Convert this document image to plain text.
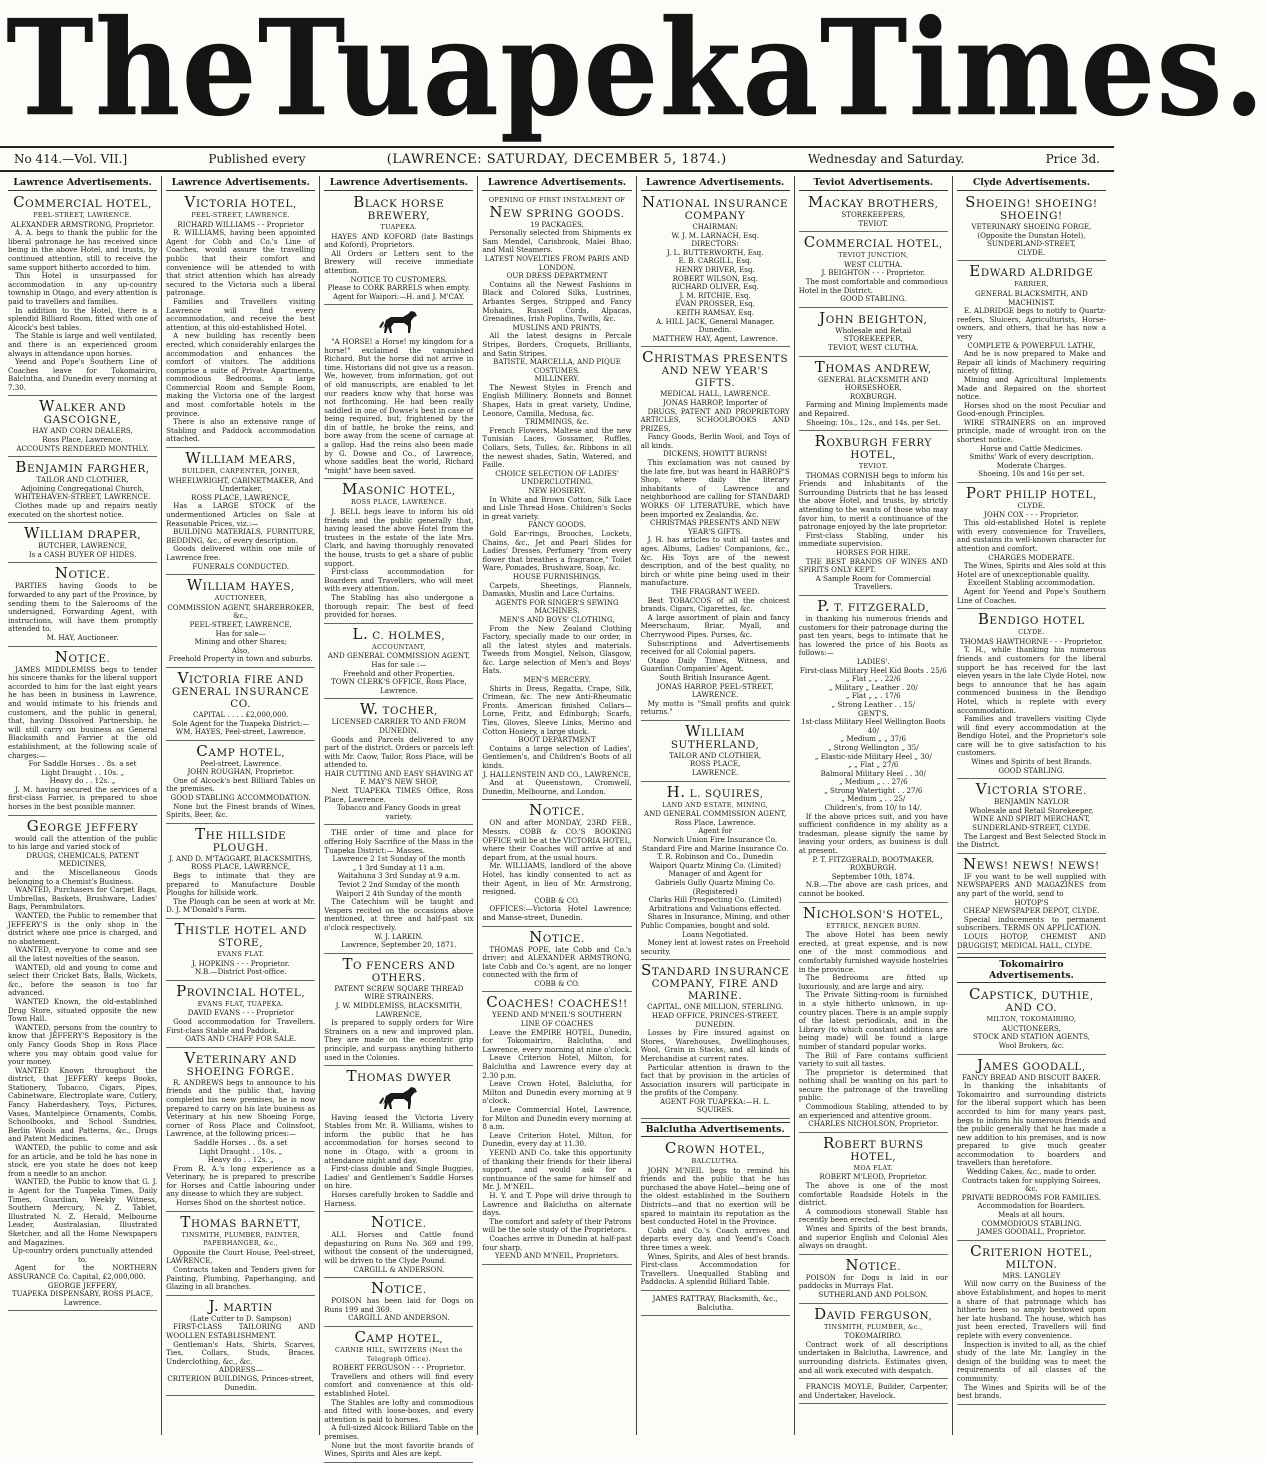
The Tuapeka Times.
No 414.—Vol. VII.]	Published every	(LAWRENCE: SATURDAY, DECEMBER 5, 1874.)	Wednesday and Saturday.	Price 3d.
Lawrence Advertisements.
COMMERCIAL HOTEL,
PEEL-STREET, LAWRENCE.
ALEXANDER ARMSTRONG, Proprietor.
A. A. begs to thank the public for the liberal patronage he has received since being in the above Hotel, and trusts, by continued attention, still to receive the same support hitherto accorded to him.
This Hotel is unsurpassed for accommodation in any up-country township in Otago, and every attention is paid to travellers and families.
In addition to the Hotel, there is a splendid Billiard Room, fitted with one of Alcock's best tables.
The Stable is large and well ventilated, and there is an experienced groom always in attendance upon horses.
Yeend and Pope's Southern Line of Coaches leave for Tokomairiro, Balclutha, and Dunedin every morning at 7.30.
WALKER AND GASCOIGNE,
HAY AND CORN DEALERS,
Ross Place, Lawrence.
ACCOUNTS RENDERED MONTHLY.
BENJAMIN FARGHER,
TAILOR AND CLOTHIER,
Adjoining Congregational Church,
WHITEHAVEN-STREET, LAWRENCE.
Clothes made up and repairs neatly executed on the shortest notice.
WILLIAM DRAPER,
BUTCHER, LAWRENCE,
Is a CASH BUYER OF HIDES.
NOTICE.
PARTIES having Goods to be forwarded to any part of the Province, by sending them to the Salerooms of the undersigned, Forwarding Agent, with instructions, will have them promptly attended to.
M. HAY, Auctioneer.
NOTICE.
JAMES MIDDLEMISS begs to tender his sincere thanks for the liberal support accorded to him for the last eight years he has been in business in Lawrence, and would intimate to his friends and customers, and the public in general, that, having Dissolved Partnership, he will still carry on business as General Blacksmith and Farrier at the old establishment, at the following scale of charges:—
For Saddle Horses . . 8s. a set
Light Draught . . 10s. „
Heavy do . . 12s. „
J. M. having secured the services of a first-class Farrier, is prepared to shoe horses in the best possible manner.
GEORGE JEFFERY
would call the attention of the public to his large and varied stock of
DRUGS, CHEMICALS, PATENT MEDICINES,
and the Miscellaneous Goods belonging to a Chemist's Business.
WANTED, Purchasers for Carpet Bags, Umbrellas, Baskets, Brushware, Ladies' Bags, Perambulators.
WANTED, the Public to remember that JEFFERY'S is the only shop in the district where one price is charged, and no abatement.
WANTED, everyone to come and see all the latest novelties of the season.
WANTED, old and young to come and select their Cricket Bats, Balls, Wickets, &c., before the season is too far advanced.
WANTED Known, the old-established Drug Store, situated opposite the new Town Hall.
WANTED, persons from the country to know that JEFFERY'S Repository is the only Fancy Goods Shop in Ross Place where you may obtain good value for your money.
WANTED Known throughout the district, that JEFFERY keeps Books, Stationery, Tobacco, Cigars, Pipes, Cabinetware, Electroplate ware, Cutlery, Fancy Haberdashery, Toys, Pictures, Vases, Mantelpiece Ornaments, Combs, Schoolbooks, and School Sundries, Berlin Wools and Patterns, &c., Drugs and Patent Medicines.
WANTED, the public to come and ask for an article, and be told he has none in stock, ere you state he does not keep from a needle to an anchor.
WANTED, the Public to know that G. J. is Agent for the Tuapeka Times, Daily Times, Guardian, Weekly Witness, Southern Mercury, N. Z. Tablet, Illustrated N. Z. Herald, Melbourne Leader, Australasian, Illustrated Sketcher, and all the Home Newspapers and Magazines.
Up-country orders punctually attended to.
Agent for the NORTHERN ASSURANCE Co. Capital, £2,000,000.
GEORGE JEFFERY,
TUAPEKA DISPENSARY, ROSS PLACE, Lawrence.
Lawrence Advertisements.
VICTORIA HOTEL,
PEEL-STREET, LAWRENCE.
RICHARD WILLIAMS - - Proprietor
R. WILLIAMS, having been appointed Agent for Cobb and Co.'s Line of Coaches, would assure the travelling public that their comfort and convenience will be attended to with that strict attention which has already secured to the Victoria such a liberal patronage.
Families and Travellers visiting Lawrence will find every accommodation, and receive the best attention, at this old-established Hotel.
A new building has recently been erected, which considerably enlarges the accommodation and enhances the comfort of visitors. The additions comprise a suite of Private Apartments, commodious Bedrooms, a large Commercial Room and Sample Room, making the Victoria one of the largest and most comfortable hotels in the province.
There is also an extensive range of Stabling and Paddock accommodation attached.
WILLIAM MEARS,
BUILDER, CARPENTER, JOINER,
WHEELWRIGHT, CABINETMAKER, And Undertaker,
ROSS PLACE, LAWRENCE,
Has a LARGE STOCK of the undermentioned Articles on Sale at Reasonable Prices, viz.:—
BUILDING MATERIALS, FURNITURE, BEDDING, &c., of every description.
Goods delivered within one mile of Lawrence free.
FUNERALS CONDUCTED.
WILLIAM HAYES,
AUCTIONEER,
COMMISSION AGENT, SHAREBROKER, &c.,
PEEL-STREET, LAWRENCE,
Has for sale—
Mining and other Shares;
Also,
Freehold Property in town and suburbs.
VICTORIA FIRE AND GENERAL INSURANCE CO.
CAPITAL . . . . £2,000,000.
Sole Agent for the Tuapeka District:—
WM. HAYES, Peel-street, Lawrence.
CAMP HOTEL,
Peel-street, Lawrence.
JOHN ROUGHAN, Proprietor.
One of Alcock's best Billiard Tables on the premises.
GOOD STABLING ACCOMMODATION.
None but the Finest brands of Wines, Spirits, Beer, &c.
THE HILLSIDE PLOUGH.
J. AND D. M'TAGGART, BLACKSMITHS,
ROSS PLACE, LAWRENCE,
Begs to intimate that they are prepared to Manufacture Double Ploughs for hillside work.
The Plough can be seen at work at Mr. D. J. M'Donald's Farm.
THISTLE HOTEL AND STORE,
EVANS FLAT.
J. HOPKINS - - - Proprietor.
N.B.—District Post-office.
PROVINCIAL HOTEL,
EVANS FLAT, TUAPEKA.
DAVID EVANS - - - Proprietor
Good accommodation for Travellers. First-class Stable and Paddock.
OATS AND CHAFF FOR SALE.
VETERINARY AND SHOEING FORGE.
R. ANDREWS begs to announce to his friends and the public that, having completed his new premises, he is now prepared to carry on his late business as Veterinary at his new Shoeing Forge, corner of Ross Place and Colinsfoot, Lawrence, at the following prices:—
Saddle Horses . . 8s. a set
Light Draught . . 10s. „
Heavy do . . 12s. „
From R. A.'s long experience as a Veterinary, he is prepared to prescribe for Horses and Cattle labouring under any disease to which they are subject.
Horses Shod on the shortest notice.
THOMAS BARNETT,
TINSMITH, PLUMBER, PAINTER, PAPERHANGER, &c.,
Opposite the Court House, Peel-street, LAWRENCE,
Contracts taken and Tenders given for Painting, Plumbing, Paperhanging, and Glazing in all branches.
J. MARTIN
(Late Cutter to D. Sampson)
FIRST-CLASS TAILORING AND WOOLLEN ESTABLISHMENT.
Gentleman's Hats, Shirts, Scarves, Ties, Collars, Studs, Braces. Underclothing, &c., &c.
ADDRESS—
CRITERION BUILDINGS, Princes-street, Dunedin.
Lawrence Advertisements.
BLACK HORSE BREWERY,
TUAPEKA.
HAYES AND KOFORD (late Bastings and Koford), Proprietors.
All Orders or Letters sent to the Brewery will receive immediate attention.
NOTICE TO CUSTOMERS.
Please to CORK BARRELS when empty.
Agent for Waipori:—H. and J. M'CAY.
"A HORSE! a Horse! my kingdom for a horse!" exclaimed the vanquished Richard. But the horse did not arrive in time. Historians did not give us a reason. We, however, from information, got out of old manuscripts, are enabled to let our readers know why that horse was not forthcoming. He had been really saddled in one of Dowse's best in case of being required, but, frightened by the din of battle, he broke the reins, and bore away from the scene of carnage at a gallop. Had the reins also been made by G. Dowse and Co., of Lawrence, whose saddles beat the world, Richard "might" have been saved.
MASONIC HOTEL,
ROSS PLACE, LAWRENCE.
J. BELL begs leave to inform his old friends and the public generally that, having leased the above Hotel from the trustees in the estate of the late Mrs. Clark, and having thoroughly renovated the house, trusts to get a share of public support.
First-class accommodation for Boarders and Travellers, who will meet with every attention.
The Stabling has also undergone a thorough repair. The best of feed provided for horses.
L. C. HOLMES,
ACCOUNTANT,
AND GENERAL COMMISSION AGENT,
Has for sale :—
Freehold and other Properties.
TOWN CLERK'S OFFICE, Ross Place, Lawrence.
W. TOCHER,
LICENSED CARRIER TO AND FROM DUNEDIN.
Goods and Parcels delivered to any part of the district. Orders or parcels left with Mr. Caow, Tailor, Ross Place, will be attended to.
HAIR CUTTING AND EASY SHAVING AT
F. MAY'S NEW SHOP,
Next TUAPEKA TIMES Office, Ross Place, Lawrence.
Tobacco and Fancy Goods in great variety.
THE order of time and place for offering Holy Sacrifice of the Mass in the Tuapeka District:— Masses.
Lawrence 2 1st Sunday of the month
„ 1 3rd Sunday at 11 a.m.
Waitahuna 3 3rd Sunday at 9 a.m.
Teviot 2 2nd Sunday of the month
Waipori 2 4th Sunday of the month
The Catechism will be taught and Vespers recited on the occasions above mentioned, at three and half-past six o'clock respectively.
W. J. LARKIN.
Lawrence, September 20, 1871.
TO FENCERS AND OTHERS.
PATENT SCREW SQUARE THREAD WIRE STRAINERS.
J. W. MIDDLEMISS, BLACKSMITH, LAWRENCE,
Is prepared to supply orders for Wire Strainers on a new and improved plan. They are made on the eccentric grip principle, and surpass anything hitherto used in the Colonies.
THOMAS DWYER
Having leased the Victoria Livery Stables from Mr. R. Williams, wishes to inform the public that he has accommodation for horses second to none in Otago, with a groom in attendance night and day.
First-class double and Single Buggies, Ladies' and Gentlemen's Saddle Horses on hire.
Horses carefully broken to Saddle and Harness.
NOTICE.
ALL Horses and Cattle found depasturing on Runs No. 369 and 199, without the consent of the undersigned, will be driven to the Clyde Pound.
CARGILL & ANDERSON.
NOTICE.
POISON has been laid for Dogs on Runs 199 and 369.
CARGILL AND ANDERSON.
CAMP HOTEL,
CARNIE HILL, SWITZERS (Next the Telegraph Office).
ROBERT FERGUSON - - - Proprietor.
Travellers and others will find every comfort and convenience at this old-established Hotel.
The Stables are lofty and commodious and fitted with loose-boxes, and every attention is paid to horses.
A full-sized Alcock Billiard Table on the premises.
None but the most favorite brands of Wines, Spirits and Ales are kept.
Lawrence Advertisements.
OPENING OF FIRST INSTALMENT OF
NEW SPRING GOODS.
19 PACKAGES,
Personally selected from Shipments ex Sam Mendel, Carisbrook, Malei Bhao, and Mail Steamers.
LATEST NOVELTIES FROM PARIS AND LONDON.
OUR DRESS DEPARTMENT
Contains all the Newest Fashions in Black and Colored Silks, Lustrines, Arbantes Serges, Stripped and Fancy Mohairs, Russell Cords, Alpacas, Grenadines, Irish Poplins, Twills, &c.
MUSLINS AND PRINTS.
All the latest designs in Percale Stripes, Borders, Croquets, Brilliants, and Satin Stripes.
BATISTE, MARCELLA, AND PIQUE COSTUMES.
MILLINERY.
The Newest Styles in French and English Millinery. Bonnets and Bonnet Shapes, Hats in great variety, Undine, Leonore, Camilla, Medusa, &c.
TRIMMINGS, &c.
French Flowers, Maltese and the new Tunisian Laces, Gossamer, Ruffles, Collars, Sets, Tulles, &c. Ribbons in all the newest shades, Satin, Watered, and Faille.
CHOICE SELECTION OF LADIES' UNDERCLOTHING.
NEW HOSIERY.
In White and Brown Cotton, Silk Lace and Lisle Thread Hose. Children's Socks in great variety.
FANCY GOODS.
Gold Ear-rings, Brooches, Lockets, Chains, &c., Jet and Pearl Slides for Ladies' Dresses, Perfumery "from every flower that breathes a fragrance," Toilet Ware, Pomades, Brushware, Soap, &c.
HOUSE FURNISHINGS.
Carpets, Sheetings, Flannels, Damasks, Muslin and Lace Curtains.
AGENTS FOR SINGER'S SEWING MACHINES.
MEN'S AND BOYS' CLOTHING,
From the New Zealand Clothing Factory, specially made to our order, in all the latest styles and materials. Tweeds from Mosgiel, Nelson, Glasgow, &c. Large selection of Men's and Boys' Hats.
MEN'S MERCERY.
Shirts in Dress, Regatta, Crape, Silk, Crimean, &c. The new Anti-Rheumatic Fronts. American finished Collars—Lorne, Fritz, and Edinburgh; Scarfs, Ties, Gloves, Sleeve Links, Merino and Cotton Hosiery, a large stock.
BOOT DEPARTMENT
Contains a large selection of Ladies', Gentlemen's, and Children's Boots of all kinds.
J. HALLENSTEIN AND CO., LAWRENCE,
And at Queenstown, Cromwell, Dunedin, Melbourne, and London.
NOTICE.
ON and after MONDAY, 23RD FEB., Messrs. COBB & CO.'S BOOKING OFFICE will be at the VICTORIA HOTEL, where their Coaches will arrive at and depart from, at the usual hours.
Mr. WILLIAMS, landlord of the above Hotel, has kindly consented to act as their Agent, in lieu of Mr. Armstrong, resigned.
COBB & CO.
OFFICES:—Victoria Hotel Lawrence; and Manse-street, Dunedin.
NOTICE.
THOMAS POPE, late Cobb and Co.'s driver; and ALEXANDER ARMSTRONG, late Cobb and Co.'s agent, are no longer connected with the firm of
COBB & CO.
COACHES! COACHES!!
YEEND AND M'NEIL'S SOUTHERN LINE OF COACHES
Leave the EMPIRE HOTEL, Dunedin, for Tokomairiro, Balclutha, and Lawrence, every morning at nine o'clock.
Leave Criterion Hotel, Milton, for Balclutha and Lawrence every day at 2.30 p.m.
Leave Crown Hotel, Balclutha, for Milton and Dunedin every morning at 9 o'clock.
Leave Commercial Hotel, Lawrence, for Milton and Dunedin every morning at 8 a.m.
Leave Criterion Hotel, Milton, for Dunedin, every day at 11.30.
YEEND AND Co. take this opportunity of thanking their friends for their liberal support, and would ask for a continuance of the same for himself and Mr. J. M'NEIL.
H. Y. and T. Pope will drive through to Lawrence and Balclutha on alternate days.
The comfort and safety of their Patrons will be the sole study of the Proprietors.
Coaches arrive in Dunedin at half-past four sharp.
YEEND AND M'NEIL, Proprietors.
Lawrence Advertisements.
NATIONAL INSURANCE COMPANY
CHAIRMAN:
W. J. M. LARNACH, Esq.
DIRECTORS:
J. L. BUTTERWORTH, Esq.
E. B. CARGILL, Esq.
HENRY DRIVER, Esq.
ROBERT WILSON, Esq.
RICHARD OLIVER, Esq.
J. M. RITCHIE, Esq.
EVAN PROSSER, Esq.
KEITH RAMSAY, Esq.
A. HILL JACK, General Manager, Dunedin.
MATTHEW HAY, Agent, Lawrence.
CHRISTMAS PRESENTS AND NEW YEAR'S GIFTS.
MEDICAL HALL, LAWRENCE.
JONAS HARROP, Importer of
DRUGS, PATENT AND PROPRIETORY ARTICLES, SCHOOLBOOKS AND PRIZES,
Fancy Goods, Berlin Wool, and Toys of all kinds.
DICKENS, HOWITT BURNS!
This exclamation was not caused by the late fire, but was heard in HARROP'S Shop, where daily the literary inhabitants of Lawrence and neighborhood are calling for STANDARD WORKS OF LITERATURE, which have been imported ex Zealandia, &c.
CHRISTMAS PRESENTS AND NEW YEAR'S GIFTS.
J. H. has articles to suit all tastes and ages. Albums, Ladies' Companions, &c., &c. His Toys are of the newest description, and of the best quality, no birch or white pine being used in their manufacture.
THE FRAGRANT WEED.
Best TOBACCOS of all the choicest brands. Cigars, Cigarettes, &c.
A large assortment of plain and fancy Meerschaum, Briar, Myall, and Cherrywood Pipes. Purses, &c.
Subscriptions and Advertisements received for all Colonial papers.
Otago Daily Times, Witness, and Guardian Companies' Agent.
South British Insurance Agent.
JONAS HARROP, PEEL-STREET, LAWRENCE.
My motto is "Small profits and quick returns."
WILLIAM SUTHERLAND,
TAILOR AND CLOTHIER,
ROSS PLACE,
LAWRENCE.
H. L. SQUIRES,
LAND AND ESTATE, MINING,
AND GENERAL COMMISSION AGENT,
Ross Place, Lawrence.
Agent for
Norwich Union Fire Insurance Co.
Standard Fire and Marine Insurance Co.
T. R. Robinson and Co., Dunedin
Waipori Quartz Mining Co. (Limited)
Manager of and Agent for
Gabriels Gully Quartz Mining Co. (Registered)
Clarks Hill Prospecting Co. (Limited)
Arbitrations and Valuations effected.
Shares in Insurance, Mining, and other Public Companies, bought and sold.
Loans Negotiated.
Money lent at lowest rates on Freehold security.
STANDARD INSURANCE COMPANY, FIRE AND MARINE.
CAPITAL, ONE MILLION, STERLING.
HEAD OFFICE, PRINCES-STREET, DUNEDIN.
Losses by Fire insured against on Stores, Warehouses, Dwellinghouses, Wool, Grain in Stacks, and all kinds of Merchandise at current rates.
Particular attention is drawn to the fact that by provision in the articles of Association insurers will participate in the profits of the Company.
AGENT FOR TUAPEKA:—H. L. SQUIRES.
Balclutha Advertisements.
CROWN HOTEL,
BALCLUTHA.
JOHN M'NEIL begs to remind his friends and the public that he has purchased the above Hotel—being one of the oldest established in the Southern Districts—and that no exertion will be spared to maintain its reputation as the best conducted Hotel in the Province.
Cobb and Co.'s Coach arrives and departs every day, and Yeend's Coach three times a week.
Wines, Spirits, and Ales of best brands. First-class Accommodation for Travellers. Unequalled Stabling and Paddocks. A splendid Billiard Table.
JAMES RATTRAY, Blacksmith, &c., Balclutha.
Teviot Advertisements.
MACKAY BROTHERS,
STOREKEEPERS,
TEVIOT.
COMMERCIAL HOTEL,
TEVIOT JUNCTION,
WEST CLUTHA.
J. BEIGHTON - - - Proprietor.
The most comfortable and commodious Hotel in the District.
GOOD STABLING.
JOHN BEIGHTON,
Wholesale and Retail
STOREKEEPER,
TEVIOT, WEST CLUTHA.
THOMAS ANDREW,
GENERAL BLACKSMITH AND HORSESHOER,
ROXBURGH.
Farming and Mining Implements made and Repaired.
Shoeing: 10s., 12s., and 14s. per Set.
ROXBURGH FERRY HOTEL,
TEVIOT.
THOMAS CORNISH begs to inform his Friends and Inhabitants of the Surrounding Districts that he has leased the above Hotel, and trusts, by strictly attending to the wants of those who may favor him, to merit a continuance of the patronage enjoyed by the late proprietor.
First-class Stabling, under his immediate supervision.
HORSES FOR HIRE.
THE BEST BRANDS OF WINES AND SPIRITS ONLY KEPT.
A Sample Room for Commercial Travellers.
P. T. FITZGERALD,
in thanking his numerous friends and customers for their patronage during the past ten years, begs to intimate that he has lowered the price of his Boots as follows:—
LADIES'.
First-class Military Heel Kid Boots . 25/6
„ Flat „ „ . 22/6
„ Military „ Leather . 20/
„ Flat „ „ . 17/6
„ Strong Leather . . 15/
GENT'S.
1st-class Military Heel Wellington Boots 40/
„ Medium „ „ 37/6
„ Strong Wellington „ 35/
„ Elastic-side Military Heel „ 30/
„ „ Flat „ 27/6
Balmoral Military Heel . . 30/
„ Medium „ . . 27/6
„ Strong Watertight . . 27/6
„ Medium „ . . 25/
Children's, from 10/ to 14/.
If the above prices suit, and you have sufficient confidence in my ability as a tradesman, please signify the same by leaving your orders, as business is dull at present.
P. T. FITZGERALD, BOOTMAKER, ROXBURGH.
September 10th, 1874.
N.B.—The above are cash prices, and cannot be booked.
NICHOLSON'S HOTEL,
ETTRICK, BENGER BURN.
The above Hotel has been newly erected, at great expense, and is now one of the most commodious and comfortably furnished wayside hostelries in the province.
The Bedrooms are fitted up luxuriously, and are large and airy.
The Private Sitting-room is furnished in a style hitherto unknown, in up-country places. There is an ample supply of the latest periodicals, and in the Library (to which constant additions are being made) will be found a large number of standard popular works.
The Bill of Fare contains sufficient variety to suit all tastes.
The proprietor is determined that nothing shall be wanting on his part to secure the patronage of the travelling public.
Commodious Stabling, attended to by an experienced and attentive groom.
CHARLES NICHOLSON, Proprietor.
ROBERT BURNS HOTEL,
MOA FLAT.
ROBERT M'LEOD, Proprietor.
The above is one of the most comfortable Roadside Hotels in the district.
A commodious stonewall Stable has recently been erected.
Wines and Spirits of the best brands, and superior English and Colonial Ales always on draught.
NOTICE.
POISON for Dogs is laid in our paddocks in Murrays Flat.
SUTHERLAND AND POLSON.
DAVID FERGUSON,
TINSMITH, PLUMBER, &c.,
TOKOMAIRIRO.
Contract work of all descriptions undertaken in Balclutha, Lawrence, and surrounding districts. Estimates given, and all work executed with despatch.
FRANCIS MOYLE, Builder, Carpenter, and Undertaker, Havelock.
Clyde Advertisements.
SHOEING! SHOEING! SHOEING!
VETERINARY SHOEING FORGE,
(Opposite the Dunstan Hotel),
SUNDERLAND-STREET,
CLYDE.
EDWARD ALDRIDGE
FARRIER,
GENERAL BLACKSMITH, AND MACHINIST.
E. ALDRIDGE begs to notify to Quartz-reefers, Sluicers, Agriculturists, Horse-owners, and others, that he has now a very
COMPLETE & POWERFUL LATHE,
And he is now prepared to Make and Repair all kinds of Machinery requiring nicety of fitting.
Mining and Agricultural Implements Made and Repaired on the shortest notice.
Horses shod on the most Peculiar and Good-enough Principles.
WIRE STRAINERS on an improved principle, made of wrought iron on the shortest notice.
Horse and Cattle Medicines.
Smiths' Work of every description.
Moderate Charges.
Shoeing, 10s and 16s per set.
PORT PHILIP HOTEL,
CLYDE.
JOHN COX - - - Proprietor.
This old-established Hotel is replete with every convenience for Travellers, and sustains its well-known character for attention and comfort.
CHARGES MODERATE.
The Wines, Spirits and Ales sold at this Hotel are of unexceptionable quality.
Excellent Stabling accommodation.
Agent for Yeend and Pope's Southern Line of Coaches.
BENDIGO HOTEL
CLYDE.
THOMAS HAWTHORNE - - - Proprietor.
T. H., while thanking his numerous friends and customers for the liberal support he has received for the last eleven years in the late Clyde Hotel, now begs to announce that he has again commenced business in the Bendigo Hotel, which is replete with every accommodation.
Families and travellers visiting Clyde will find every accommodation at the Bendigo Hotel, and the Proprietor's sole care will be to give satisfaction to his customers.
Wines and Spirits of best Brands.
GOOD STABLING.
VICTORIA STORE.
BENJAMIN NAYLOR
Wholesale and Retail Storekeeper,
WINE AND SPIRIT MERCHANT,
SUNDERLAND-STREET, CLYDE.
The Largest and Best Selected Stock in the District.
NEWS! NEWS! NEWS!
IF you want to be well supplied with NEWSPAPERS AND MAGAZINES from any part of the world, send to
HOTOP'S
CHEAP NEWSPAPER DEPOT, CLYDE.
Special inducements to permanent subscribers. TERMS ON APPLICATION.
LOUIS HOTOP, CHEMIST AND DRUGGIST, MEDICAL HALL, CLYDE.
Tokomairiro Advertisements.
CAPSTICK, DUTHIE, AND CO.
MILTON, TOKOMAIRIRO,
AUCTIONEERS,
STOCK AND STATION AGENTS,
Wool Brokers, &c.
JAMES GOODALL,
FANCY BREAD AND BISCUIT BAKER.
In thanking the inhabitants of Tokomairiro and surrounding districts for the liberal support which has been accorded to him for many years past, begs to inform his numerous friends and the public generally that he has made a new addition to his premises, and is now prepared to give much greater accommodation to boarders and travellers than heretofore.
Wedding Cakes, &c., made to order.
Contracts taken for supplying Soirees, &c.
PRIVATE BEDROOMS FOR FAMILIES.
Accommodation for Boarders.
Meals at all hours.
COMMODIOUS STABLING.
JAMES GOODALL, Proprietor.
CRITERION HOTEL, MILTON.
MRS. LANGLEY
Will now carry on the Business of the above Establishment, and hopes to merit a share of that patronage which has hitherto been so amply bestowed upon her late husband. The house, which has just been erected, Travellers will find replete with every convenience.
Inspection is invited to all, as the chief study of the late Mr. Langley in the design of the building was to meet the requirements of all classes of the community.
The Wines and Spirits will be of the best brands.
